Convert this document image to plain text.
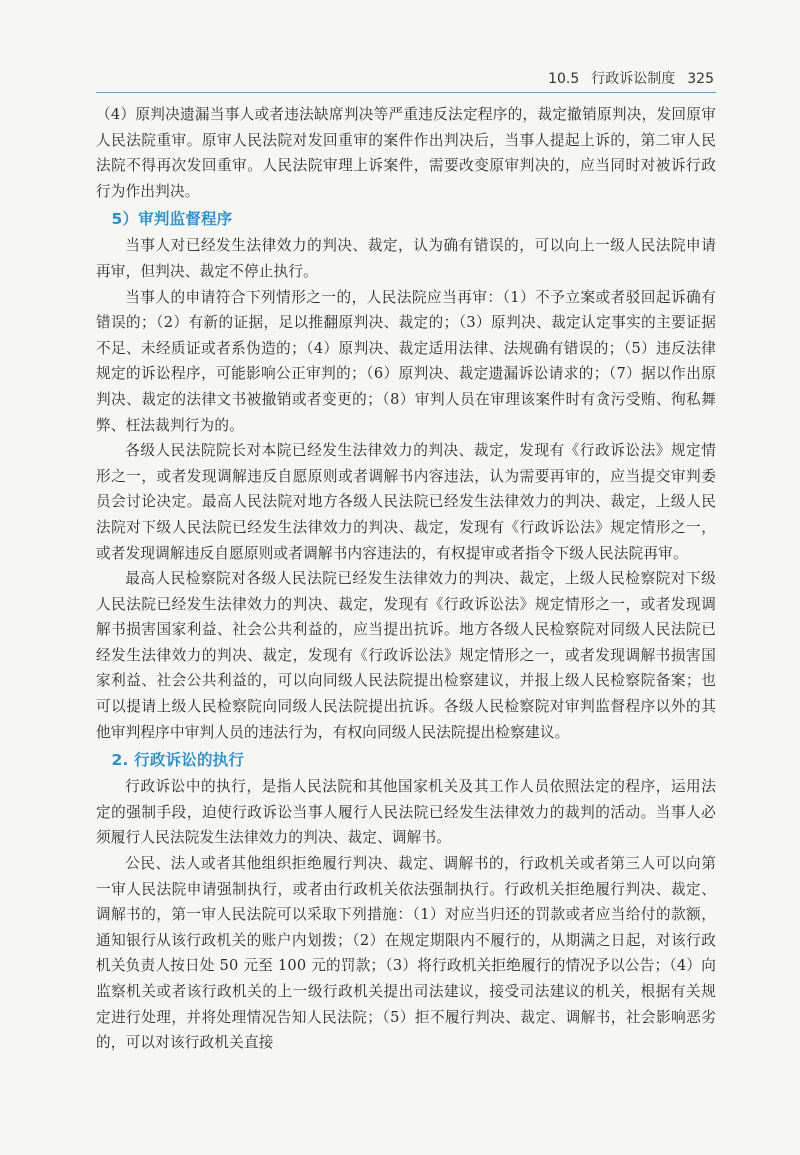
10.5 行政诉讼制度 325

（4）原判决遗漏当事人或者违法缺席判决等严重违反法定程序的，裁定撤销原判决，发回原审人民法院重审。原审人民法院对发回重审的案件作出判决后，当事人提起上诉的，第二审人民法院不得再次发回重审。人民法院审理上诉案件，需要改变原审判决的，应当同时对被诉行政行为作出判决。

5）审判监督程序

当事人对已经发生法律效力的判决、裁定，认为确有错误的，可以向上一级人民法院申请再审，但判决、裁定不停止执行。

当事人的申请符合下列情形之一的，人民法院应当再审：（1）不予立案或者驳回起诉确有错误的；（2）有新的证据，足以推翻原判决、裁定的；（3）原判决、裁定认定事实的主要证据不足、未经质证或者系伪造的；（4）原判决、裁定适用法律、法规确有错误的；（5）违反法律规定的诉讼程序，可能影响公正审判的；（6）原判决、裁定遗漏诉讼请求的；（7）据以作出原判决、裁定的法律文书被撤销或者变更的；（8）审判人员在审理该案件时有贪污受贿、徇私舞弊、枉法裁判行为的。

各级人民法院院长对本院已经发生法律效力的判决、裁定，发现有《行政诉讼法》规定情形之一，或者发现调解违反自愿原则或者调解书内容违法，认为需要再审的，应当提交审判委员会讨论决定。最高人民法院对地方各级人民法院已经发生法律效力的判决、裁定，上级人民法院对下级人民法院已经发生法律效力的判决、裁定，发现有《行政诉讼法》规定情形之一，或者发现调解违反自愿原则或者调解书内容违法的，有权提审或者指令下级人民法院再审。

最高人民检察院对各级人民法院已经发生法律效力的判决、裁定，上级人民检察院对下级人民法院已经发生法律效力的判决、裁定，发现有《行政诉讼法》规定情形之一，或者发现调解书损害国家利益、社会公共利益的，应当提出抗诉。地方各级人民检察院对同级人民法院已经发生法律效力的判决、裁定，发现有《行政诉讼法》规定情形之一，或者发现调解书损害国家利益、社会公共利益的，可以向同级人民法院提出检察建议，并报上级人民检察院备案；也可以提请上级人民检察院向同级人民法院提出抗诉。各级人民检察院对审判监督程序以外的其他审判程序中审判人员的违法行为，有权向同级人民法院提出检察建议。

2. 行政诉讼的执行

行政诉讼中的执行，是指人民法院和其他国家机关及其工作人员依照法定的程序，运用法定的强制手段，迫使行政诉讼当事人履行人民法院已经发生法律效力的裁判的活动。当事人必须履行人民法院发生法律效力的判决、裁定、调解书。

公民、法人或者其他组织拒绝履行判决、裁定、调解书的，行政机关或者第三人可以向第一审人民法院申请强制执行，或者由行政机关依法强制执行。行政机关拒绝履行判决、裁定、调解书的，第一审人民法院可以采取下列措施：（1）对应当归还的罚款或者应当给付的款额，通知银行从该行政机关的账户内划拨；（2）在规定期限内不履行的，从期满之日起，对该行政机关负责人按日处 50 元至 100 元的罚款；（3）将行政机关拒绝履行的情况予以公告；（4）向监察机关或者该行政机关的上一级行政机关提出司法建议，接受司法建议的机关，根据有关规定进行处理，并将处理情况告知人民法院；（5）拒不履行判决、裁定、调解书，社会影响恶劣的，可以对该行政机关直接
